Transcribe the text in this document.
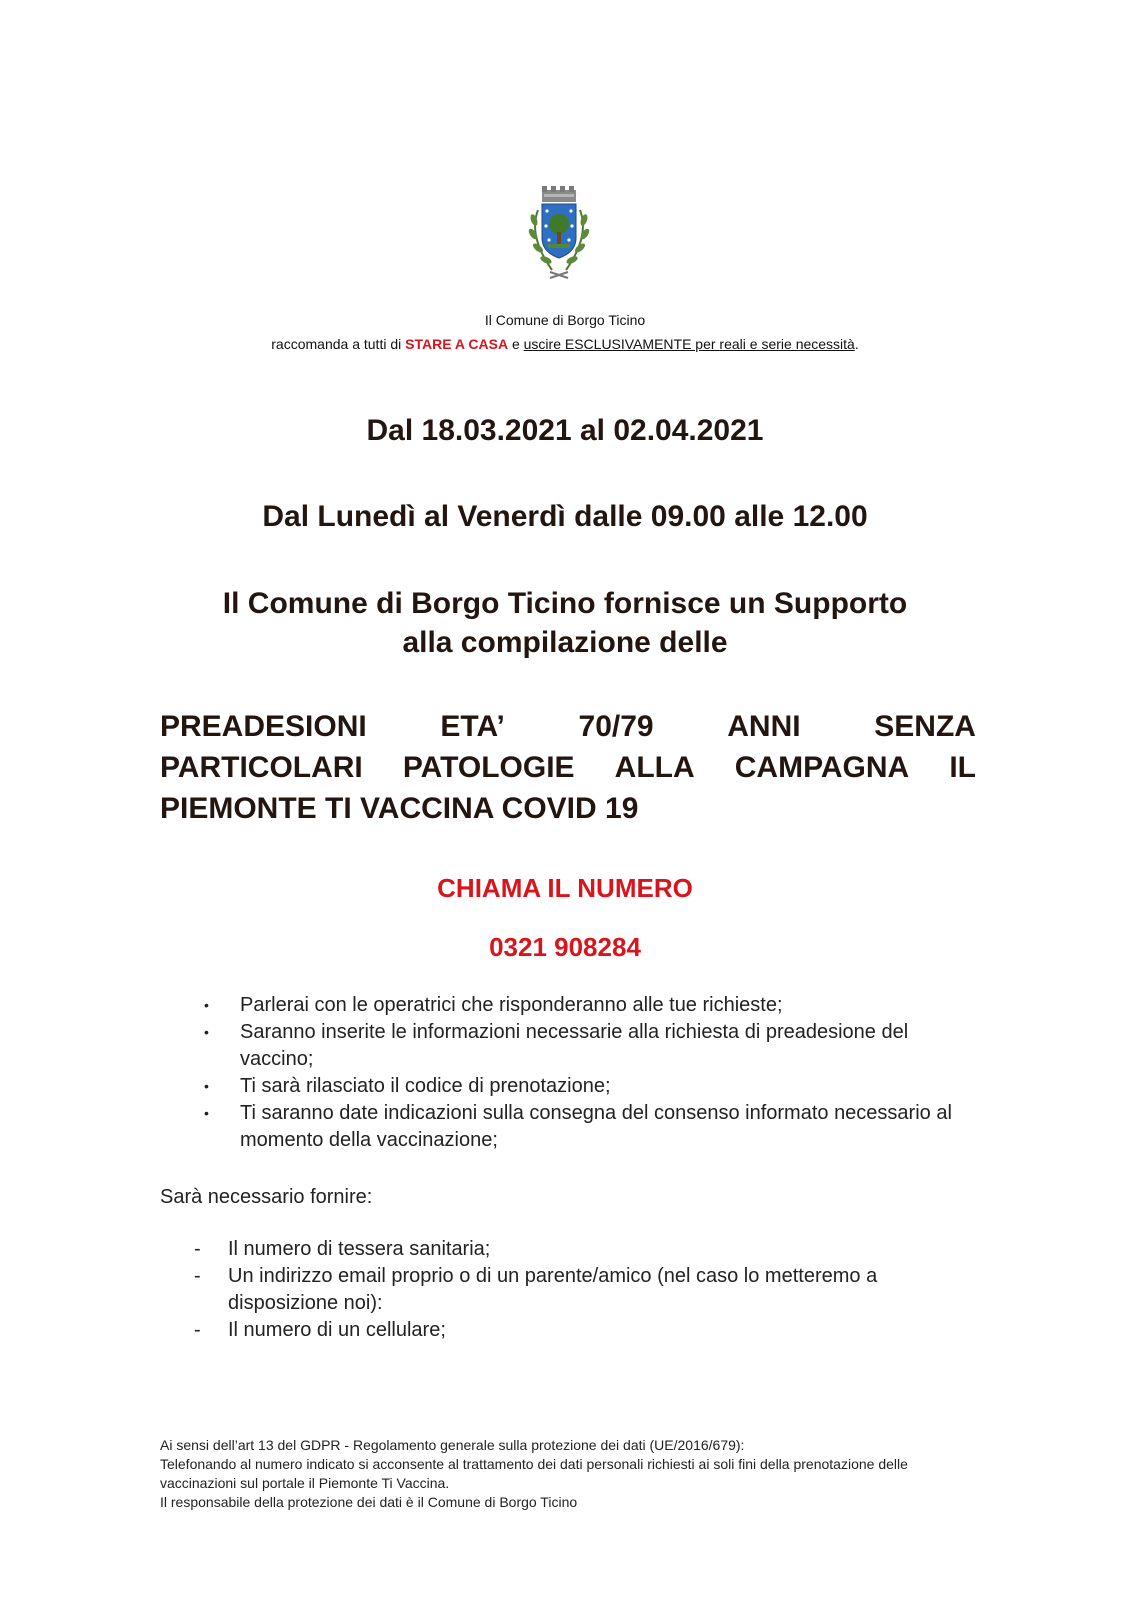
Il Comune di Borgo Ticino
raccomanda a tutti di STARE A CASA e uscire ESCLUSIVAMENTE per reali e serie necessità.
Dal 18.03.2021 al 02.04.2021
Dal Lunedì al Venerdì dalle 09.00 alle 12.00
Il Comune di Borgo Ticino fornisce un Supporto
alla compilazione delle
PREADESIONI ETA’ 70/79 ANNI SENZA
PARTICOLARI PATOLOGIE ALLA CAMPAGNA IL
PIEMONTE TI VACCINA COVID 19
CHIAMA IL NUMERO
0321 908284
• Parlerai con le operatrici che risponderanno alle tue richieste;
• Saranno inserite le informazioni necessarie alla richiesta di preadesione del vaccino;
• Ti sarà rilasciato il codice di prenotazione;
• Ti saranno date indicazioni sulla consegna del consenso informato necessario al momento della vaccinazione;
Sarà necessario fornire:
- Il numero di tessera sanitaria;
- Un indirizzo email proprio o di un parente/amico (nel caso lo metteremo a disposizione noi):
- Il numero di un cellulare;
Ai sensi dell’art 13 del GDPR - Regolamento generale sulla protezione dei dati (UE/2016/679):
Telefonando al numero indicato si acconsente al trattamento dei dati personali richiesti ai soli fini della prenotazione delle vaccinazioni sul portale il Piemonte Ti Vaccina.
Il responsabile della protezione dei dati è il Comune di Borgo Ticino
